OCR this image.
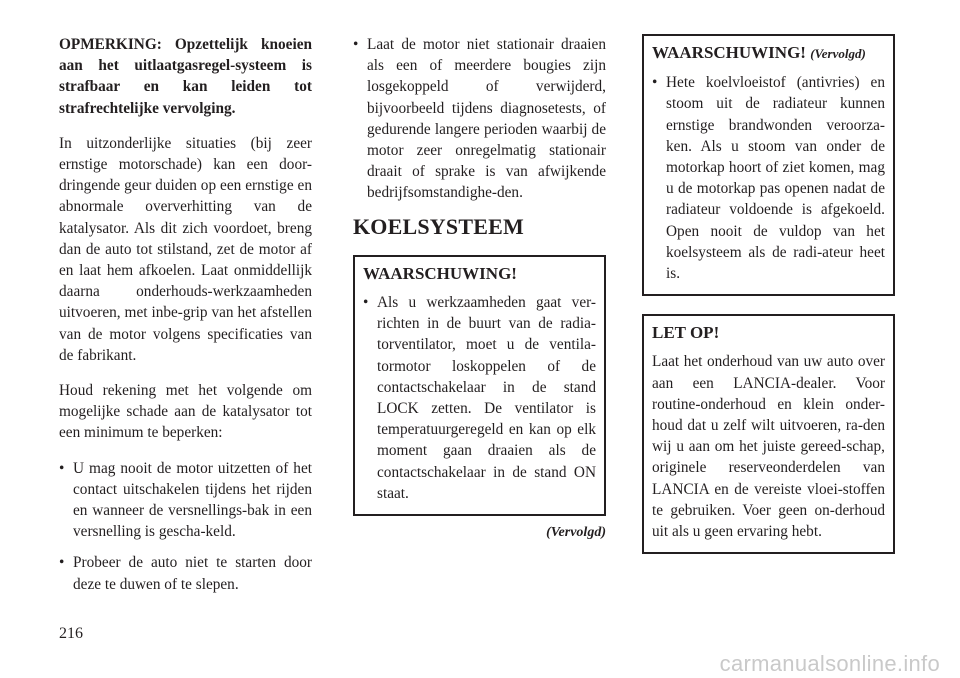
OPMERKING: Opzettelijk knoeien aan het uitlaatgasregel-systeem is strafbaar en kan leiden tot strafrechtelijke vervolging.

In uitzonderlijke situaties (bij zeer ernstige motorschade) kan een door-dringende geur duiden op een ernstige en abnormale oververhitting van de katalysator. Als dit zich voordoet, breng dan de auto tot stilstand, zet de motor af en laat hem afkoelen. Laat onmiddellijk daarna onderhouds-werkzaamheden uitvoeren, met inbe-grip van het afstellen van de motor volgens specificaties van de fabrikant.

Houd rekening met het volgende om mogelijke schade aan de katalysator tot een minimum te beperken:

• U mag nooit de motor uitzetten of het contact uitschakelen tijdens het rijden en wanneer de versnellings-bak in een versnelling is gescha-keld.
• Probeer de auto niet te starten door deze te duwen of te slepen.
• Laat de motor niet stationair draaien als een of meerdere bougies zijn losgekoppeld of verwijderd, bijvoorbeeld tijdens diagnosetests, of gedurende langere perioden waarbij de motor zeer onregelmatig stationair draait of sprake is van afwijkende bedrijfsomstandighe-den.
KOELSYSTEEM
WAARSCHUWING!
• Als u werkzaamheden gaat ver-richten in de buurt van de radia-torventilator, moet u de ventila-tormotor loskoppelen of de contactschakelaar in de stand LOCK zetten. De ventilator is temperatuurgeregeld en kan op elk moment gaan draaien als de contactschakelaar in de stand ON staat.
(Vervolgd)
WAARSCHUWING! (Vervolgd)
• Hete koelvloeistof (antivries) en stoom uit de radiateur kunnen ernstige brandwonden veroorza-ken. Als u stoom van onder de motorkap hoort of ziet komen, mag u de motorkap pas openen nadat de radiateur voldoende is afgekoeld. Open nooit de vuldop van het koelsysteem als de radi-ateur heet is.
LET OP!

Laat het onderhoud van uw auto over aan een LANCIA-dealer. Voor routine-onderhoud en klein onder-houd dat u zelf wilt uitvoeren, ra-den wij u aan om het juiste gereed-schap, originele reserveonderdelen van LANCIA en de vereiste vloei-stoffen te gebruiken. Voer geen on-derhoud uit als u geen ervaring hebt.

216
carmanualsonline.info
